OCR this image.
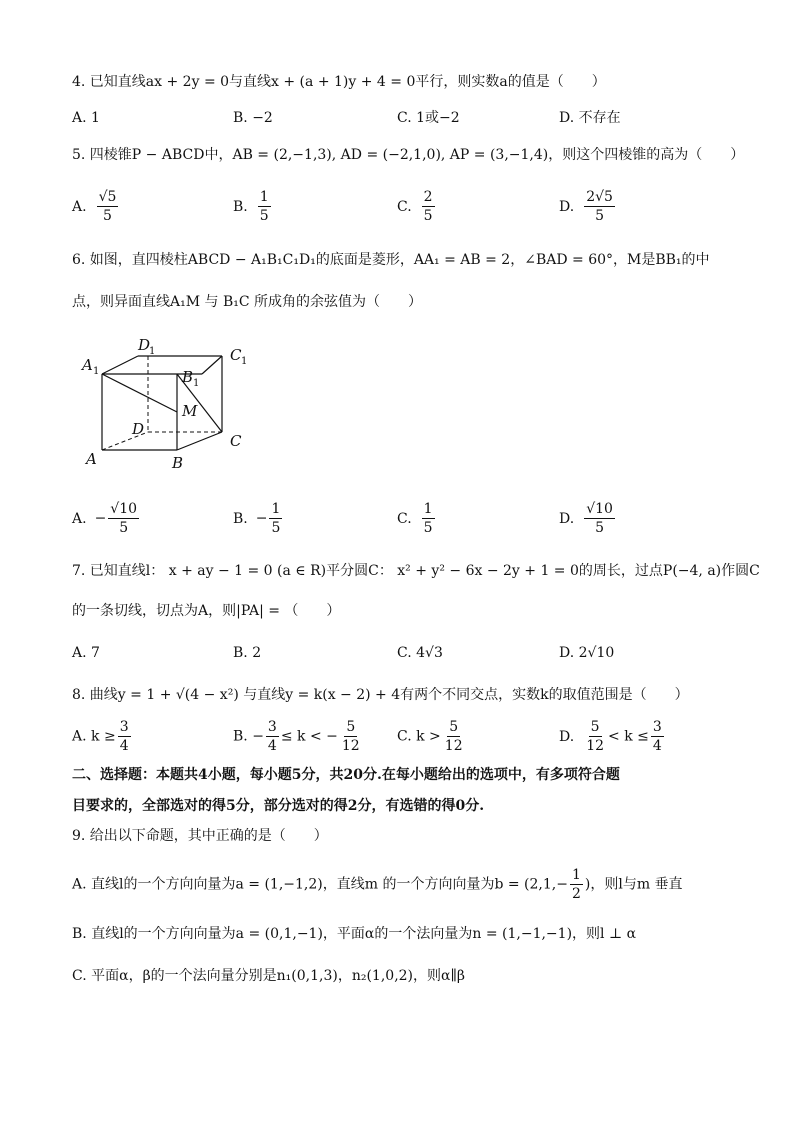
4. 已知直线ax + 2y = 0与直线x + (a + 1)y + 4 = 0平行，则实数a的值是（　　）
A. 1	B. −2	C. 1或−2	D. 不存在
5. 四棱锥P − ABCD中，AB = (2,−1,3), AD = (−2,1,0), AP = (3,−1,4)，则这个四棱锥的高为（　　）
A. $\frac{√5}{5}$	B. $\frac{1}{5}$	C. $\frac{2}{5}$	D. $\frac{2√5}{5}$
6. 如图，直四棱柱ABCD − A₁B₁C₁D₁的底面是菱形，AA₁ = AB = 2，∠BAD = 60°，M是BB₁的中
点，则异面直线A₁M 与 B₁C 所成角的余弦值为（　　）
A 1
D
1	C 1
B 1
M
D
C
A	B
A. − $\frac{√10}{5}$	B. − $\frac{1}{5}$	C. $\frac{1}{5}$	D. $\frac{√10}{5}$
7. 已知直线l： x + ay − 1 = 0 (a ∈ R)平分圆C： x² + y² − 6x − 2y + 1 = 0的周长，过点P(−4, a)作圆C
的一条切线，切点为A，则|PA| = （　　）
A. 7	B. 2	C. 4√3	D. 2√10
8. 曲线y = 1 + √(4 − x²) 与直线y = k(x − 2) + 4有两个不同交点，实数k的取值范围是（　　）
A. $k \ge \frac{3}{4}$	B. − $\frac{3}{4} \le k$ < − $\frac{5}{12}$	C. $k > \frac{5}{12}$	D. $\frac{5}{12} < k \le \frac{3}{4}$
二、选择题：本题共4小题，每小题5分，共20分.在每小题给出的选项中，有多项符合题
目要求的，全部选对的得5分，部分选对的得2分，有选错的得0分.
9. 给出以下命题，其中正确的是（　　）
A. 直线l的一个方向向量为a = (1,−1,2)，直线m 的一个方向向量为$b = (2,1,- \frac{1}{2}$ )，则l与m 垂直
B. 直线l的一个方向向量为a = (0,1,−1)，平面α的一个法向量为n = (1,−1,−1)，则l ⊥ α
C. 平面α，β的一个法向量分别是n₁(0,1,3)，n₂(1,0,2)，则α∥β
